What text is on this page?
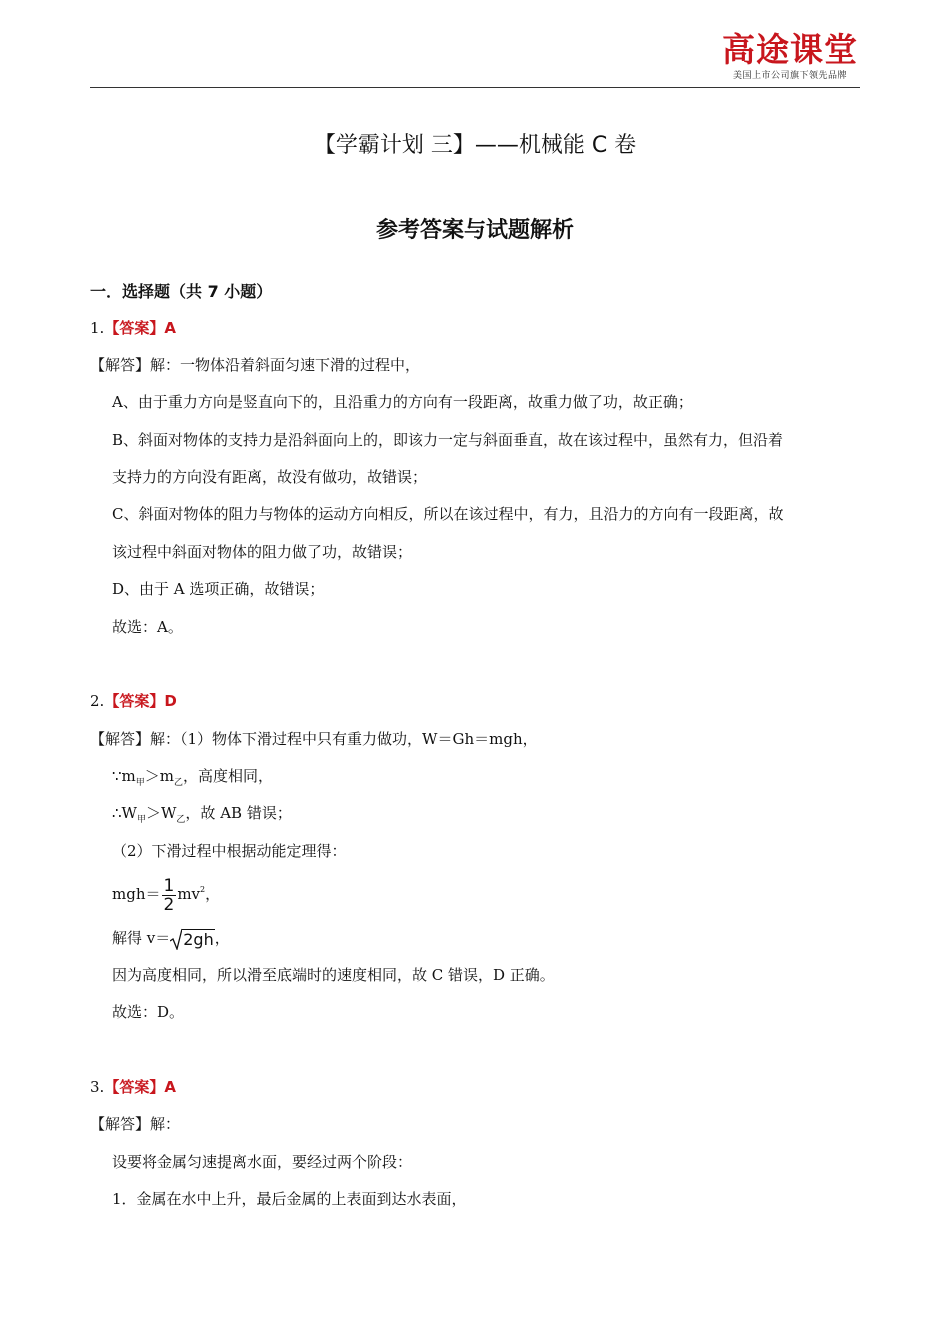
高途课堂
美国上市公司旗下领先品牌
【学霸计划 三】——机械能 C 卷
参考答案与试题解析
一．选择题（共 7 小题）
1.【答案】A
【解答】解：一物体沿着斜面匀速下滑的过程中，
A、由于重力方向是竖直向下的，且沿重力的方向有一段距离，故重力做了功，故正确；
B、斜面对物体的支持力是沿斜面向上的，即该力一定与斜面垂直，故在该过程中，虽然有力，但沿着
支持力的方向没有距离，故没有做功，故错误；
C、斜面对物体的阻力与物体的运动方向相反，所以在该过程中，有力，且沿力的方向有一段距离，故
该过程中斜面对物体的阻力做了功，故错误；
D、由于 A 选项正确，故错误；
故选：A。
2.【答案】D
【解答】解：（1）物体下滑过程中只有重力做功，W＝Gh＝mgh，
$\because m_甲>m_乙$，高度相同，
$\therefore W_甲>W_乙$，故 AB 错误；
（2）下滑过程中根据动能定理得：
$mgh= \frac{1}{2} mv^2$，
解得 v＝ 2gh ，
因为高度相同，所以滑至底端时的速度相同，故 C 错误，D 正确。
故选：D。
3.【答案】A
【解答】解：
设要将金属匀速提离水面，要经过两个阶段：
1．金属在水中上升，最后金属的上表面到达水表面，
